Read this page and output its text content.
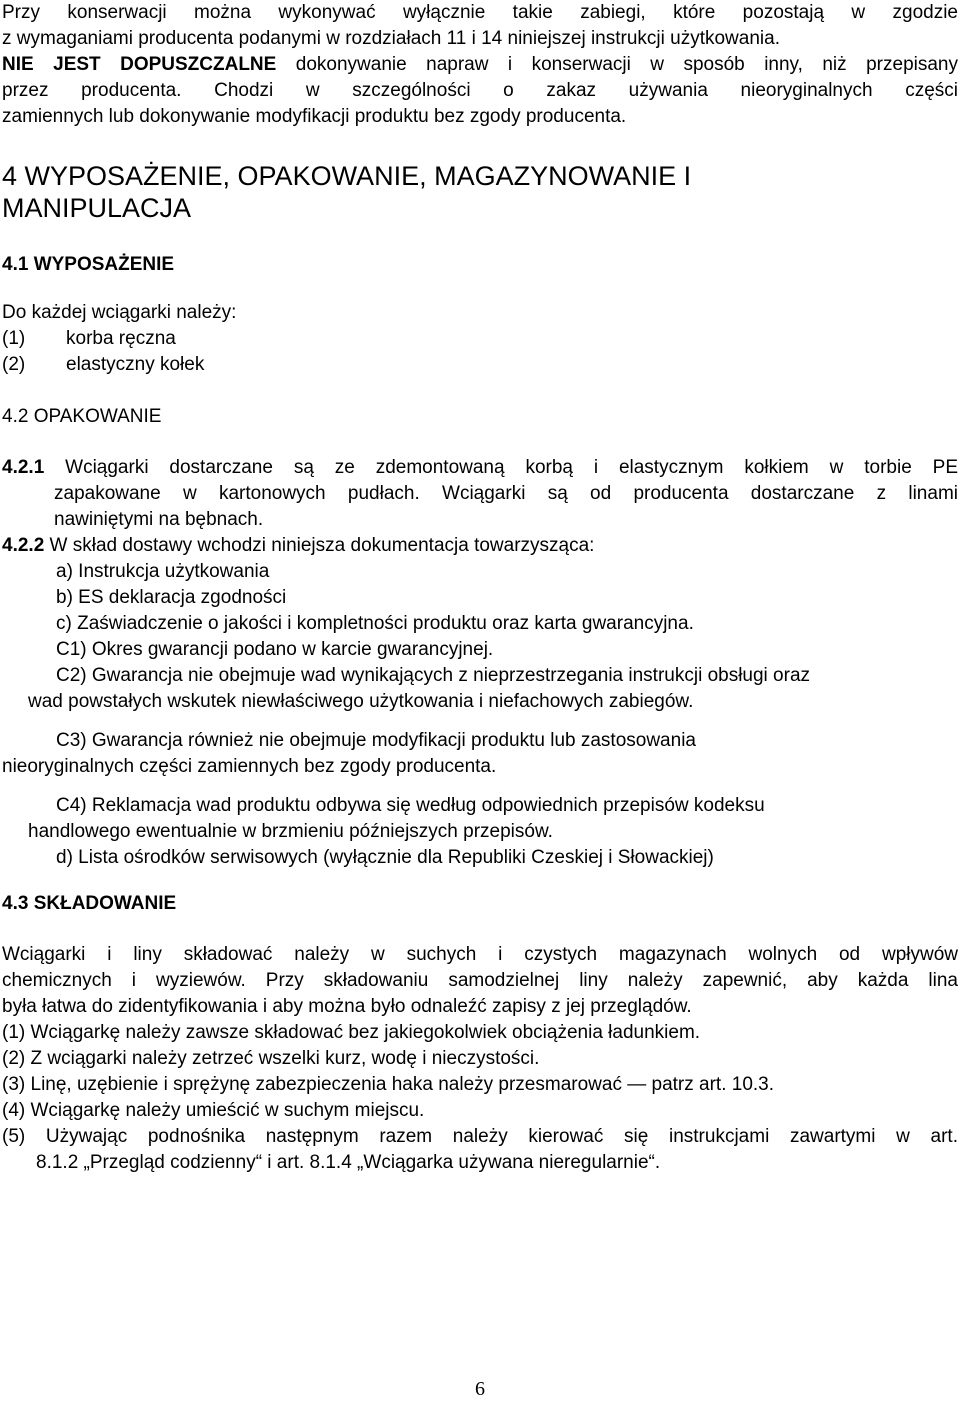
Przy konserwacji można wykonywać wyłącznie takie zabiegi, które pozostają w zgodzie
z wymaganiami producenta podanymi w rozdziałach 11 i 14 niniejszej instrukcji użytkowania.
NIE JEST DOPUSZCZALNE dokonywanie napraw i konserwacji w sposób inny, niż przepisany
przez producenta. Chodzi w szczególności o zakaz używania nieoryginalnych części
zamiennych lub dokonywanie modyfikacji produktu bez zgody producenta.
4 WYPOSAŻENIE, OPAKOWANIE, MAGAZYNOWANIE I
MANIPULACJA
4.1 WYPOSAŻENIE
Do każdej wciągarki należy:
(1)	korba ręczna
(2)	elastyczny kołek
4.2 OPAKOWANIE
4.2.1 Wciągarki dostarczane są ze zdemontowaną korbą i elastycznym kołkiem w torbie PE
zapakowane w kartonowych pudłach. Wciągarki są od producenta dostarczane z linami
nawiniętymi na bębnach.
4.2.2 W skład dostawy wchodzi niniejsza dokumentacja towarzysząca:
a) Instrukcja użytkowania
b) ES deklaracja zgodności
c) Zaświadczenie o jakości i kompletności produktu oraz karta gwarancyjna.
C1) Okres gwarancji podano w karcie gwarancyjnej.
C2) Gwarancja nie obejmuje wad wynikających z nieprzestrzegania instrukcji obsługi oraz
wad powstałych wskutek niewłaściwego użytkowania i niefachowych zabiegów.
C3) Gwarancja również nie obejmuje modyfikacji produktu lub zastosowania
nieoryginalnych części zamiennych bez zgody producenta.
C4) Reklamacja wad produktu odbywa się według odpowiednich przepisów kodeksu
handlowego ewentualnie w brzmieniu późniejszych przepisów.
d) Lista ośrodków serwisowych (wyłącznie dla Republiki Czeskiej i Słowackiej)
4.3 SKŁADOWANIE
Wciągarki i liny składować należy w suchych i czystych magazynach wolnych od wpływów
chemicznych i wyziewów. Przy składowaniu samodzielnej liny należy zapewnić, aby każda lina
była łatwa do zidentyfikowania i aby można było odnaleźć zapisy z jej przeglądów.
(1) Wciągarkę należy zawsze składować bez jakiegokolwiek obciążenia ładunkiem.
(2) Z wciągarki należy zetrzeć wszelki kurz, wodę i nieczystości.
(3) Linę, uzębienie i sprężynę zabezpieczenia haka należy przesmarować — patrz art. 10.3.
(4) Wciągarkę należy umieścić w suchym miejscu.
(5) Używając podnośnika następnym razem należy kierować się instrukcjami zawartymi w art.
8.1.2 „Przegląd codzienny“ i art. 8.1.4 „Wciągarka używana nieregularnie“.
6
